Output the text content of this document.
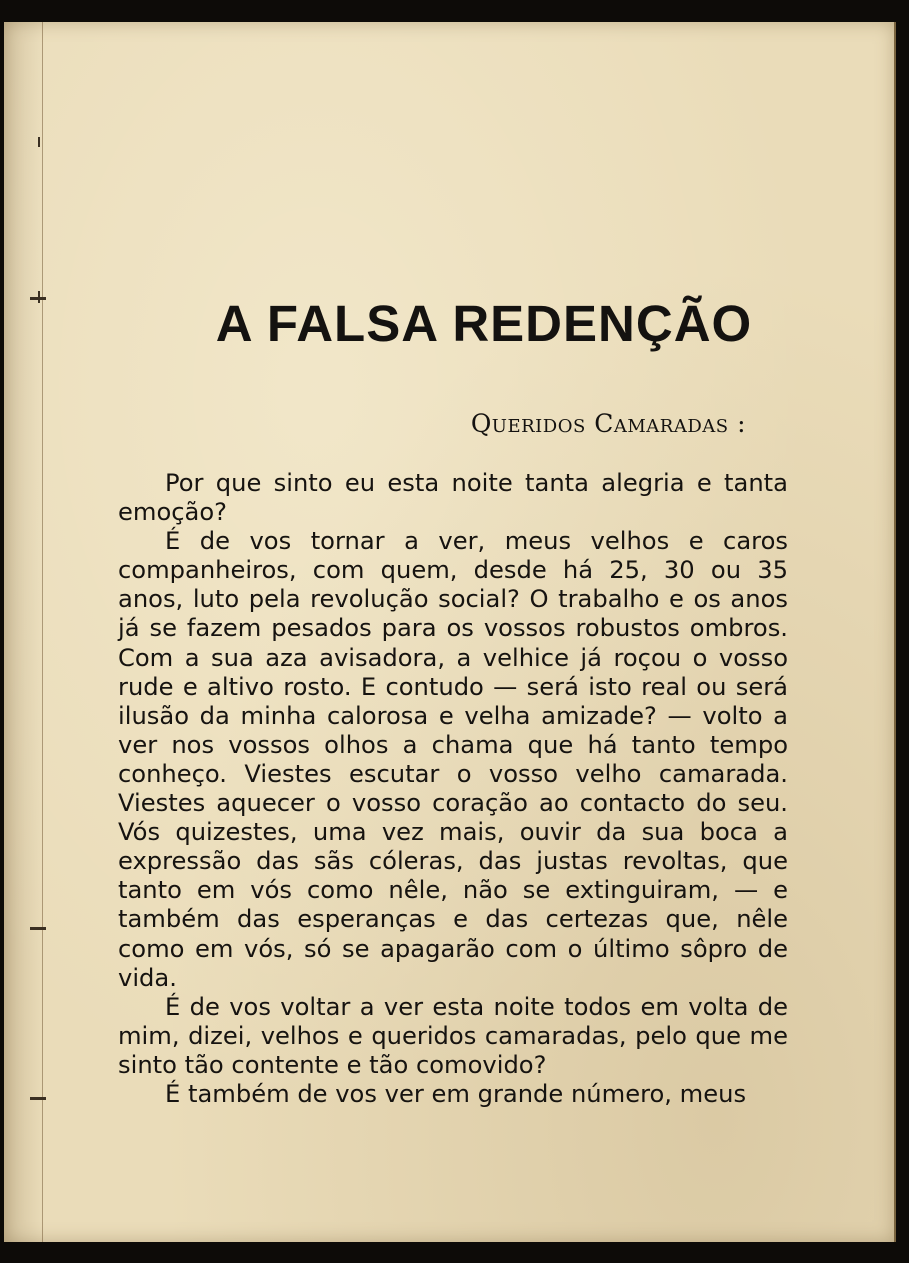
A FALSA REDENÇÃO
Queridos Camaradas :

Por que sinto eu esta noite tanta alegria e tanta emoção?

É de vos tornar a ver, meus velhos e caros companheiros, com quem, desde há 25, 30 ou 35 anos, luto pela revolução social? O trabalho e os anos já se fazem pesados para os vossos robustos ombros. Com a sua aza avisadora, a velhice já roçou o vosso rude e altivo rosto. E contudo — será isto real ou será ilusão da minha calorosa e velha amizade? — volto a ver nos vossos olhos a chama que há tanto tempo conheço. Viestes escutar o vosso velho camarada. Viestes aquecer o vosso coração ao contacto do seu. Vós quizestes, uma vez mais, ouvir da sua boca a expressão das sãs cóleras, das justas revoltas, que tanto em vós como nêle, não se extinguiram, — e também das esperanças e das certezas que, nêle como em vós, só se apagarão com o último sôpro de vida.

É de vos voltar a ver esta noite todos em volta de mim, dizei, velhos e queridos camaradas, pelo que me sinto tão contente e tão comovido?

É também de vos ver em grande número, meus
